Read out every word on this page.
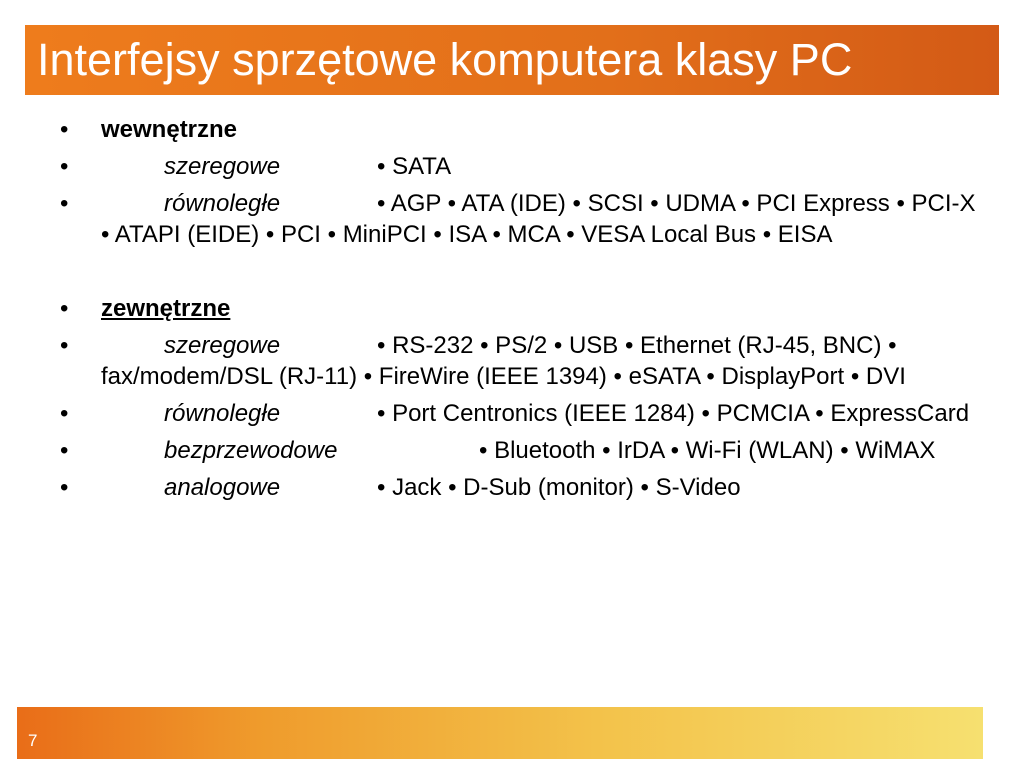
Interfejsy sprzętowe komputera klasy PC
• wewnętrzne
•	szeregowe	• SATA
•	równoległe	• AGP • ATA (IDE) • SCSI • UDMA • PCI Express • PCI-X • ATAPI (EIDE) • PCI • MiniPCI • ISA • MCA • VESA Local Bus • EISA
• zewnętrzne
•	szeregowe	• RS-232 • PS/2 • USB • Ethernet (RJ-45, BNC) • fax/modem/DSL (RJ-11) • FireWire (IEEE 1394) • eSATA • DisplayPort • DVI
•	równoległe	• Port Centronics (IEEE 1284) • PCMCIA • ExpressCard
•	bezprzewodowe	• Bluetooth • IrDA • Wi-Fi (WLAN) • WiMAX
•	analogowe	• Jack • D-Sub (monitor) • S-Video
7
